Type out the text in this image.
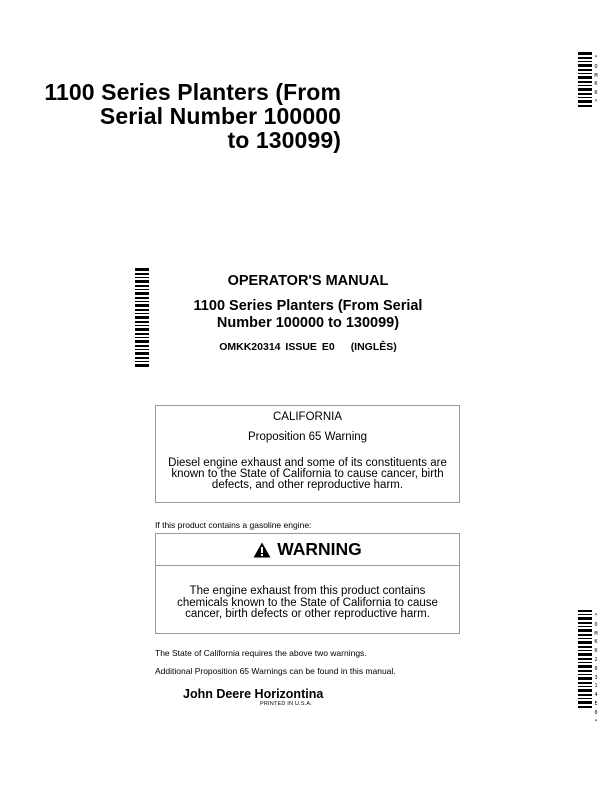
1100 Series Planters (From
Serial Number 100000
to 130099)
*
O
M
K
K
*
*
O
M
K
K
2
0
3
1
4
E
0
*
OPERATOR'S MANUAL
1100 Series Planters (From Serial
Number 100000 to 130099)
OMKK20314 ISSUE E0 (INGLÊS)
CALIFORNIA
Proposition 65 Warning
Diesel engine exhaust and some of its constituents are known to the State of California to cause cancer, birth defects, and other reproductive harm.
If this product contains a gasoline engine:
WARNING
The engine exhaust from this product contains chemicals known to the State of California to cause cancer, birth defects or other reproductive harm.
The State of California requires the above two warnings.
Additional Proposition 65 Warnings can be found in this manual.
John Deere Horizontina
PRINTED IN U.S.A.
